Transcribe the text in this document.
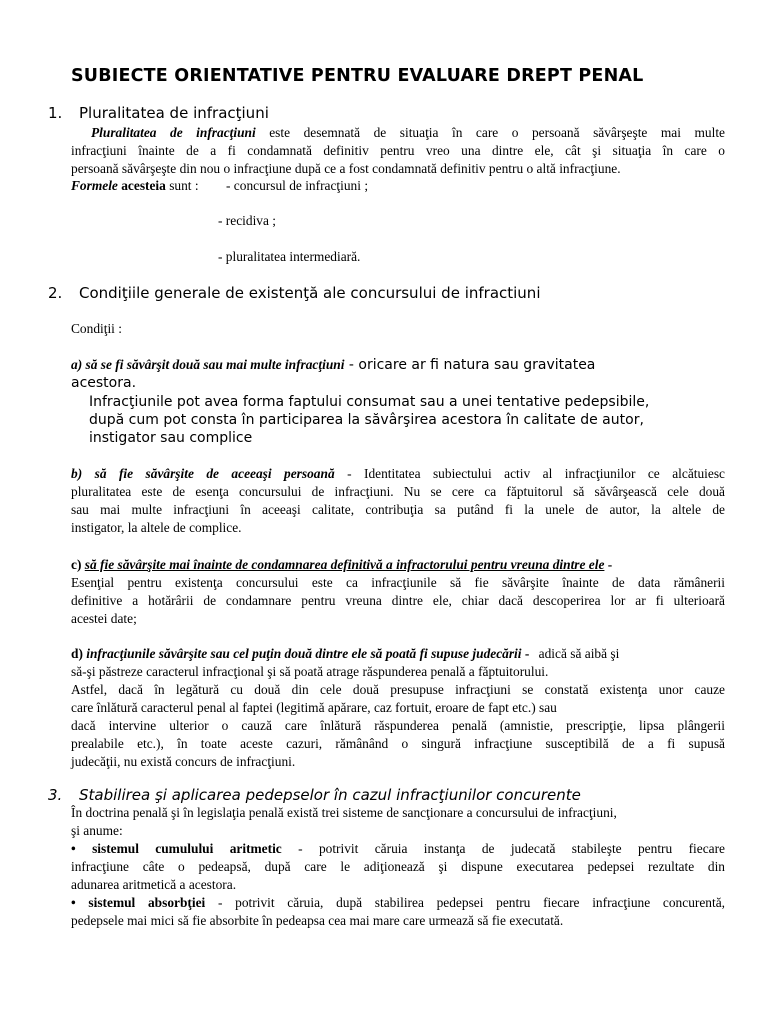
SUBIECTE ORIENTATIVE PENTRU EVALUARE DREPT PENAL
1. Pluralitatea de infracţiuni

Pluralitatea de infracţiuni este desemnată de situaţia în care o persoană săvârşeşte mai multe

infracţiuni înainte de a fi condamnată definitiv pentru vreo una dintre ele, cât şi situaţia în care o

persoană săvârşeşte din nou o infracţiune după ce a fost condamnată definitiv pentru o altă infracţiune.

Formele acesteia sunt : - concursul de infracţiuni ;
- recidiva ;
- pluralitatea intermediară.
2. Condiţiile generale de existenţă ale concursului de infractiuni
Condiţii :

a) să se fi săvârşit două sau mai multe infracţiuni - oricare ar fi natura sau gravitatea

acestora.

Infracţiunile pot avea forma faptului consumat sau a unei tentative pedepsibile,

după cum pot consta în participarea la săvârşirea acestora în calitate de autor,

instigator sau complice

b) să fie săvârşite de aceeaşi persoană - Identitatea subiectului activ al infracţiunilor ce alcătuiesc

pluralitatea este de esenţa concursului de infracţiuni. Nu se cere ca făptuitorul să săvârşească cele două

sau mai multe infracţiuni în aceeaşi calitate, contribuţia sa putând fi la unele de autor, la altele de

instigator, la altele de complice.

c) să fie săvârşite mai înainte de condamnarea definitivă a infractorului pentru vreuna dintre ele -

Esenţial pentru existenţa concursului este ca infracţiunile să fie săvârşite înainte de data rămânerii

definitive a hotărârii de condamnare pentru vreuna dintre ele, chiar dacă descoperirea lor ar fi ulterioară

acestei date;

d) infracţiunile săvârşite sau cel puţin două dintre ele să poată fi supuse judecării - adică să aibă şi

să-şi păstreze caracterul infracţional şi să poată atrage răspunderea penală a făptuitorului.

Astfel, dacă în legătură cu două din cele două presupuse infracţiuni se constată existenţa unor cauze

care înlătură caracterul penal al faptei (legitimă apărare, caz fortuit, eroare de fapt etc.) sau

dacă intervine ulterior o cauză care înlătură răspunderea penală (amnistie, prescripţie, lipsa plângerii

prealabile etc.), în toate aceste cazuri, rămânând o singură infracţiune susceptibilă de a fi supusă

judecăţii, nu există concurs de infracţiuni.

3. Stabilirea şi aplicarea pedepselor în cazul infracţiunilor concurente

În doctrina penală şi în legislaţia penală există trei sisteme de sancţionare a concursului de infracţiuni,

şi anume:

• sistemul cumulului aritmetic - potrivit căruia instanţa de judecată stabileşte pentru fiecare

infracţiune câte o pedeapsă, după care le adiţionează şi dispune executarea pedepsei rezultate din

adunarea aritmetică a acestora.

• sistemul absorbţiei - potrivit căruia, după stabilirea pedepsei pentru fiecare infracţiune concurentă,

pedepsele mai mici să fie absorbite în pedeapsa cea mai mare care urmează să fie executată.
